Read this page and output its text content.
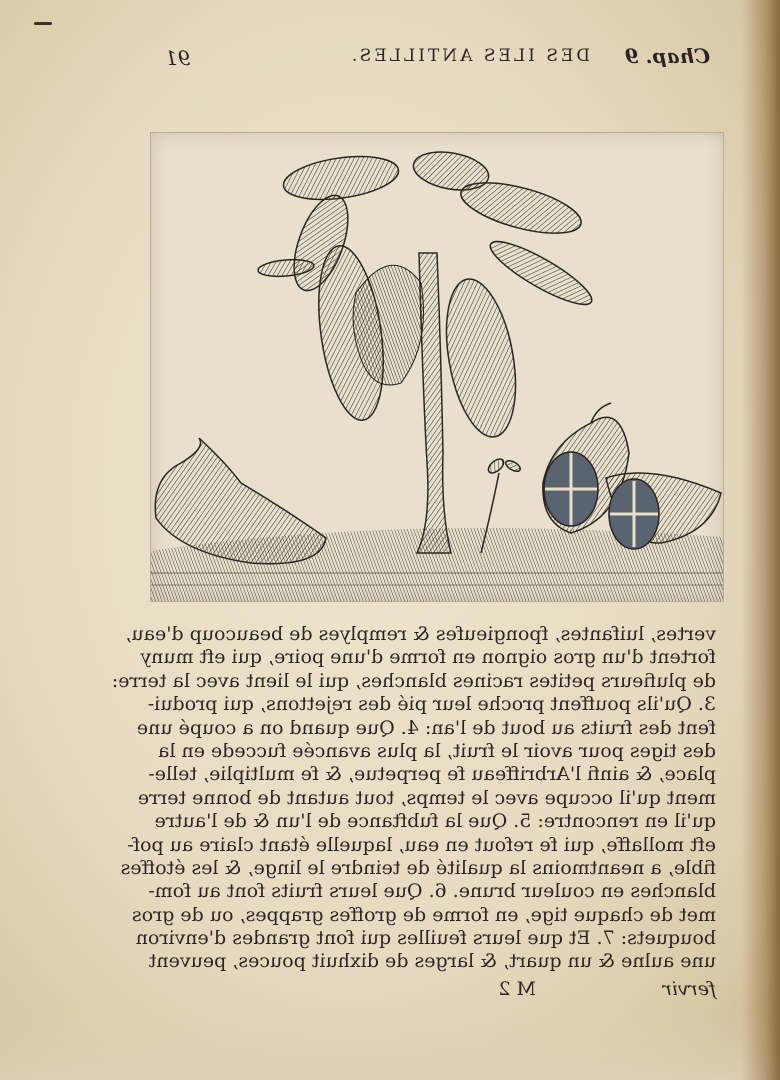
Chap. 9
DES ILES ANTILLES.
91
vertes, luifantes, fpongieufes & remplyes de beaucoup d'eau,
fortent d'un gros oignon en forme d'une poire, qui eft muny
de plufieurs petites racines blanches, qui le lient avec la terre:
3. Qu'ils pouffent proche leur pié des rejettons, qui produi-
fent des fruits au bout de l'an: 4. Que quand on a coupé une
des tiges pour avoir le fruit, la plus avancée fuccede en la
place, & ainfi l'Arbriffeau fe perpetue, & fe multiplie, telle-
ment qu'il occupe avec le temps, tout autant de bonne terre
qu'il en rencontre: 5. Que la fubftance de l'un & de l'autre
eft mollaffe, qui fe refout en eau, laquelle étant claire au pof-
fible, a neantmoins la qualité de teindre le linge, & les étoffes
blanches en couleur brune. 6. Que leurs fruits font au fom-
met de chaque tige, en forme de groffes grappes, ou de gros
bouquets: 7. Et que leurs feuilles qui font grandes d'environ
une aulne & un quart, & larges de dixhuit pouces, peuvent
M 2	fervir
